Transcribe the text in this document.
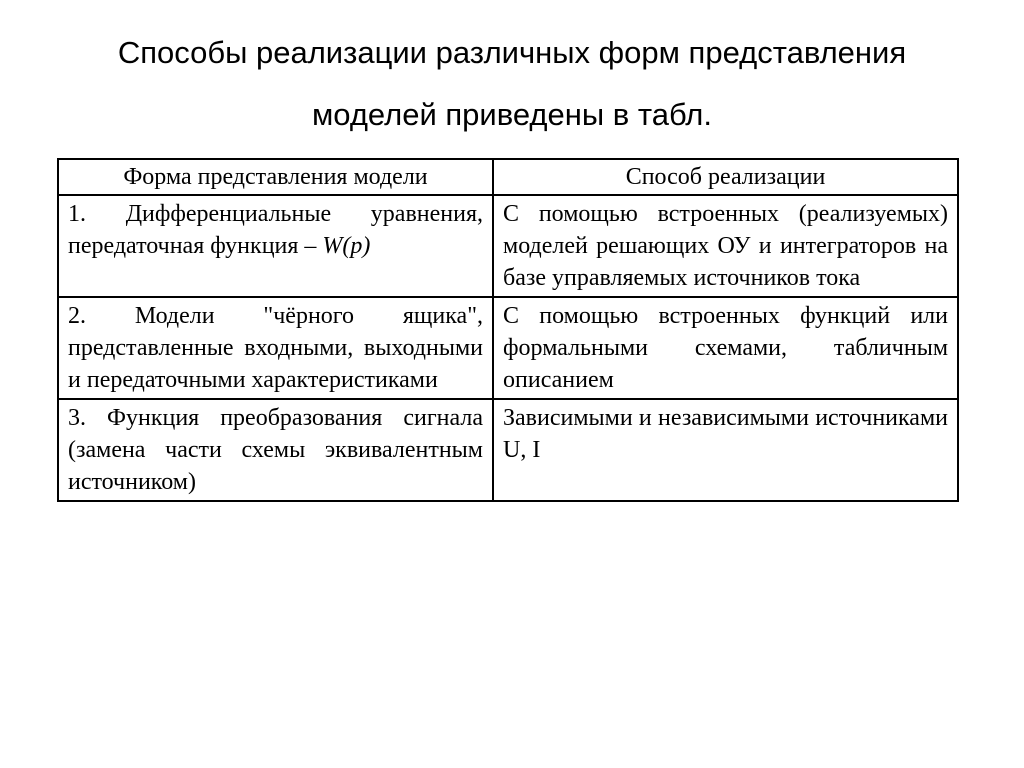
Способы реализации различных форм представления
моделей приведены в табл.
Форма представления модели	Способ реализации
1. Дифференциальные уравнения, передаточная функция – W(p)	С помощью встроенных (реализуемых) моделей решающих ОУ и интеграторов на базе управляемых источников тока
2. Модели "чёрного ящика", представленные входными, выходными и передаточными характеристиками	С помощью встроенных функций или формальными схемами, табличным описанием
3. Функция преобразования сигнала (замена части схемы эквивалентным источником)	Зависимыми и независимыми источниками U, I
